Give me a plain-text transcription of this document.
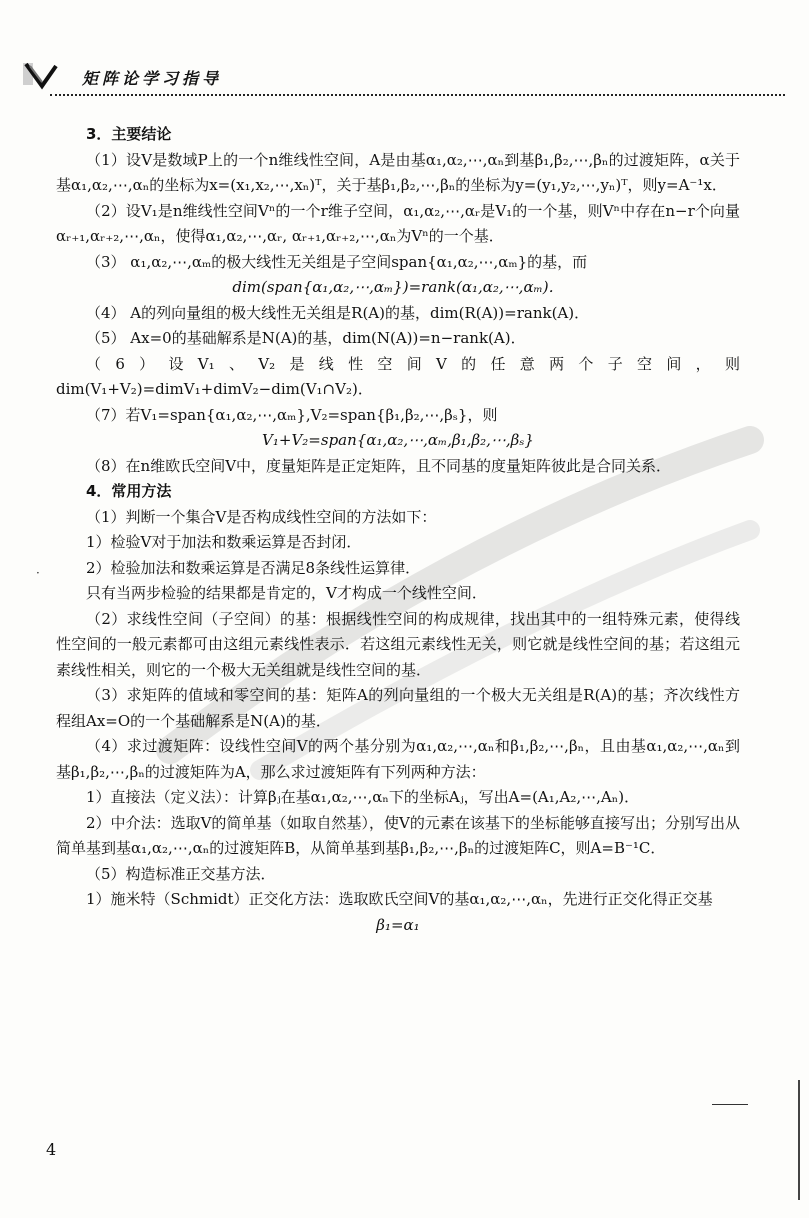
矩阵论学习指导

3．主要结论

（1）设V是数域P上的一个n维线性空间，A是由基α₁,α₂,⋯,αₙ到基β₁,β₂,⋯,βₙ的过渡矩阵，α关于基α₁,α₂,⋯,αₙ的坐标为x=(x₁,x₂,⋯,xₙ)ᵀ，关于基β₁,β₂,⋯,βₙ的坐标为y=(y₁,y₂,⋯,yₙ)ᵀ，则y=A⁻¹x．

（2）设V₁是n维线性空间Vⁿ的一个r维子空间，α₁,α₂,⋯,αᵣ是V₁的一个基，则Vⁿ中存在n−r个向量αᵣ₊₁,αᵣ₊₂,⋯,αₙ，使得α₁,α₂,⋯,αᵣ, αᵣ₊₁,αᵣ₊₂,⋯,αₙ为Vⁿ的一个基．

（3） α₁,α₂,⋯,αₘ的极大线性无关组是子空间span{α₁,α₂,⋯,αₘ}的基，而

dim(span{α₁,α₂,⋯,αₘ})=rank(α₁,α₂,⋯,αₘ)．

（4） A的列向量组的极大线性无关组是R(A)的基，dim(R(A))=rank(A)．

（5） Ax=0的基础解系是N(A)的基，dim(N(A))=n−rank(A)．

（6）设V₁、V₂是线性空间V的任意两个子空间，则dim(V₁+V₂)=dimV₁+dimV₂−dim(V₁∩V₂)．

（7）若V₁=span{α₁,α₂,⋯,αₘ},V₂=span{β₁,β₂,⋯,βₛ}，则

V₁+V₂=span{α₁,α₂,⋯,αₘ,β₁,β₂,⋯,βₛ}

（8）在n维欧氏空间V中，度量矩阵是正定矩阵，且不同基的度量矩阵彼此是合同关系．

4．常用方法

（1）判断一个集合V是否构成线性空间的方法如下：

1）检验V对于加法和数乘运算是否封闭．

2）检验加法和数乘运算是否满足8条线性运算律．

只有当两步检验的结果都是肯定的，V才构成一个线性空间．

（2）求线性空间（子空间）的基：根据线性空间的构成规律，找出其中的一组特殊元素，使得线性空间的一般元素都可由这组元素线性表示．若这组元素线性无关，则它就是线性空间的基；若这组元素线性相关，则它的一个极大无关组就是线性空间的基．

（3）求矩阵的值域和零空间的基：矩阵A的列向量组的一个极大无关组是R(A)的基；齐次线性方程组Ax=O的一个基础解系是N(A)的基．

（4）求过渡矩阵：设线性空间V的两个基分别为α₁,α₂,⋯,αₙ和β₁,β₂,⋯,βₙ，且由基α₁,α₂,⋯,αₙ到基β₁,β₂,⋯,βₙ的过渡矩阵为A，那么求过渡矩阵有下列两种方法：

1）直接法（定义法）：计算βⱼ在基α₁,α₂,⋯,αₙ下的坐标Aⱼ，写出A=(A₁,A₂,⋯,Aₙ)．

2）中介法：选取V的简单基（如取自然基），使V的元素在该基下的坐标能够直接写出；分别写出从简单基到基α₁,α₂,⋯,αₙ的过渡矩阵B，从简单基到基β₁,β₂,⋯,βₙ的过渡矩阵C，则A=B⁻¹C．

（5）构造标准正交基方法．

1）施米特（Schmidt）正交化方法：选取欧氏空间V的基α₁,α₂,⋯,αₙ，先进行正交化得正交基

β₁=α₁

·
4
